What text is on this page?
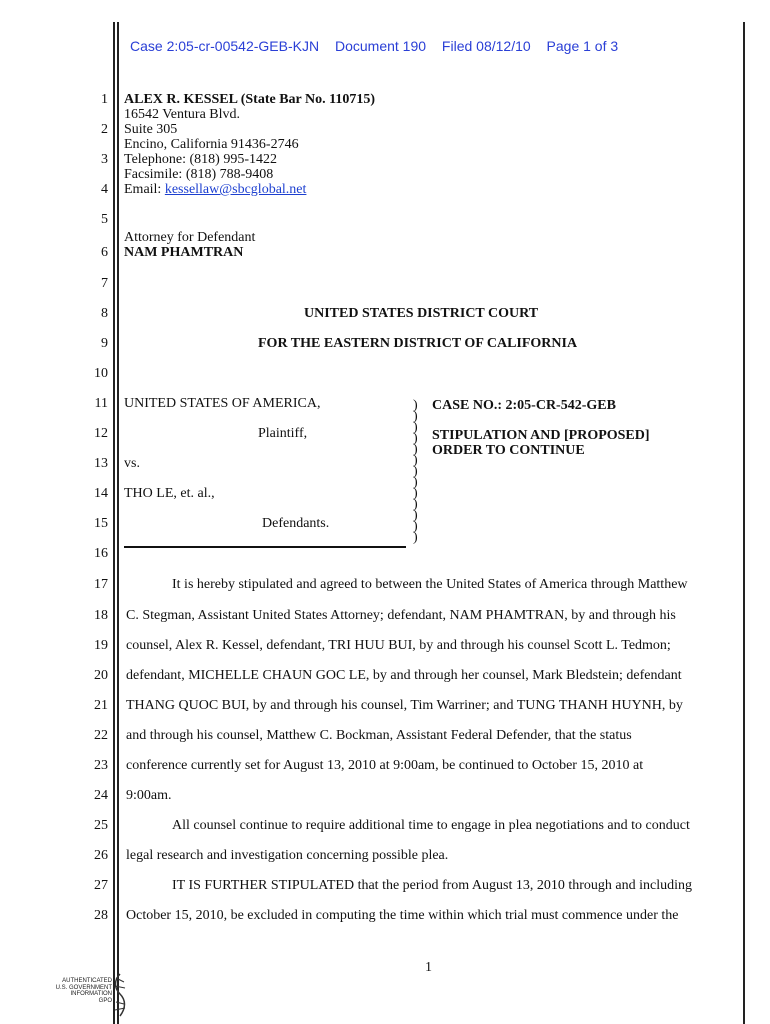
Case 2:05-cr-00542-GEB-KJN Document 190 Filed 08/12/10 Page 1 of 3
1
2
3
4
5
6
7
8
9
10
11
12
13
14
15
16
17
18
19
20
21
22
23
24
25
26
27
28
ALEX R. KESSEL (State Bar No. 110715)
16542 Ventura Blvd.
Suite 305
Encino, California 91436-2746
Telephone: (818) 995-1422
Facsimile: (818) 788-9408
Email: kessellaw@sbcglobal.net
Attorney for Defendant
NAM PHAMTRAN
UNITED STATES DISTRICT COURT
FOR THE EASTERN DISTRICT OF CALIFORNIA
UNITED STATES OF AMERICA,
Plaintiff,
vs.
THO LE, et. al.,
Defendants.
)
)
)
)
)
)
)
)
)
)
)
)
)
CASE NO.: 2:05-CR-542-GEB
STIPULATION AND [PROPOSED]
ORDER TO CONTINUE
It is hereby stipulated and agreed to between the United States of America through Matthew
C. Stegman, Assistant United States Attorney; defendant, NAM PHAMTRAN, by and through his
counsel, Alex R. Kessel, defendant, TRI HUU BUI, by and through his counsel Scott L. Tedmon;
defendant, MICHELLE CHAUN GOC LE, by and through her counsel, Mark Bledstein; defendant
THANG QUOC BUI, by and through his counsel, Tim Warriner; and TUNG THANH HUYNH, by
and through his counsel, Matthew C. Bockman, Assistant Federal Defender, that the status
conference currently set for August 13, 2010 at 9:00am, be continued to October 15, 2010 at
9:00am.
All counsel continue to require additional time to engage in plea negotiations and to conduct
legal research and investigation concerning possible plea.
IT IS FURTHER STIPULATED that the period from August 13, 2010 through and including
October 15, 2010, be excluded in computing the time within which trial must commence under the
1
AUTHENTICATED
U.S. GOVERNMENT
INFORMATION
GPO
